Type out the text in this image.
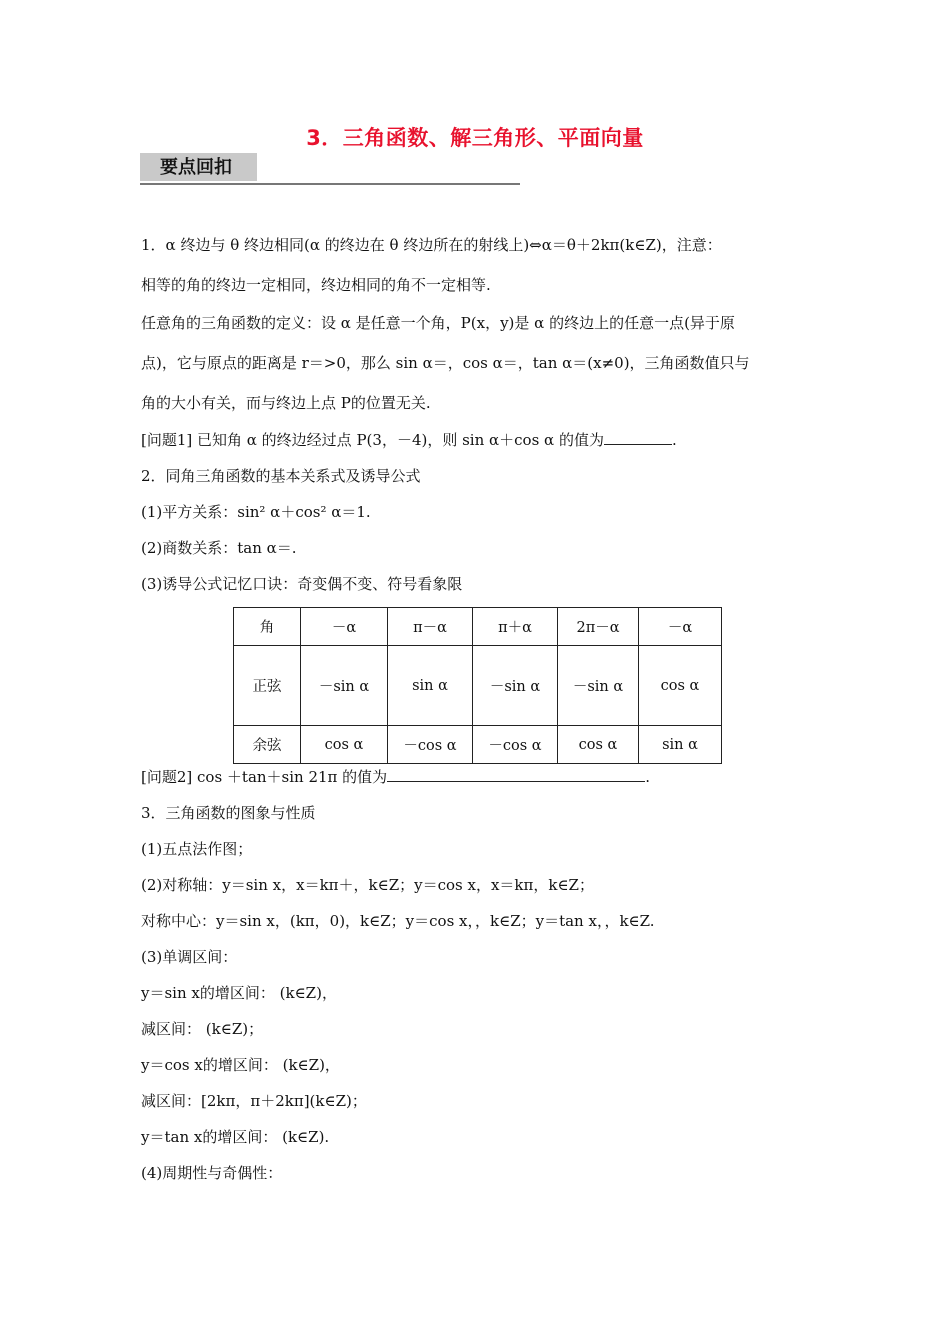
3．三角函数、解三角形、平面向量
要点回扣
1．α 终边与 θ 终边相同(α 的终边在 θ 终边所在的射线上)⇔α＝θ＋2kπ(k∈Z)，注意：
相等的角的终边一定相同，终边相同的角不一定相等.
任意角的三角函数的定义：设 α 是任意一个角，P(x，y)是 α 的终边上的任意一点(异于原
点)，它与原点的距离是 r＝>0，那么 sin α＝，cos α＝，tan α＝(x≠0)，三角函数值只与
角的大小有关，而与终边上点 P的位置无关.
[问题1] 已知角 α 的终边经过点 P(3，－4)，则 sin α＋cos α 的值为	.
2．同角三角函数的基本关系式及诱导公式
(1)平方关系：sin² α＋cos² α＝1.
(2)商数关系：tan α＝.
(3)诱导公式记忆口诀：奇变偶不变、符号看象限
角	－α	π－α	π＋α	2π－α	－α
正弦	－sin α	sin α	－sin α	－sin α	cos α
余弦	cos α	－cos α	－cos α	cos α	sin α
[问题2] cos ＋tan＋sin 21π 的值为	.
3．三角函数的图象与性质
(1)五点法作图；
(2)对称轴：y＝sin x，x＝kπ＋，k∈Z；y＝cos x，x＝kπ，k∈Z；
对称中心：y＝sin x，(kπ，0)，k∈Z；y＝cos x，，k∈Z；y＝tan x，，k∈Z.
(3)单调区间：
y＝sin x的增区间： (k∈Z)，
减区间： (k∈Z)；
y＝cos x的增区间： (k∈Z)，
减区间：[2kπ，π＋2kπ](k∈Z)；
y＝tan x的增区间： (k∈Z).
(4)周期性与奇偶性：
